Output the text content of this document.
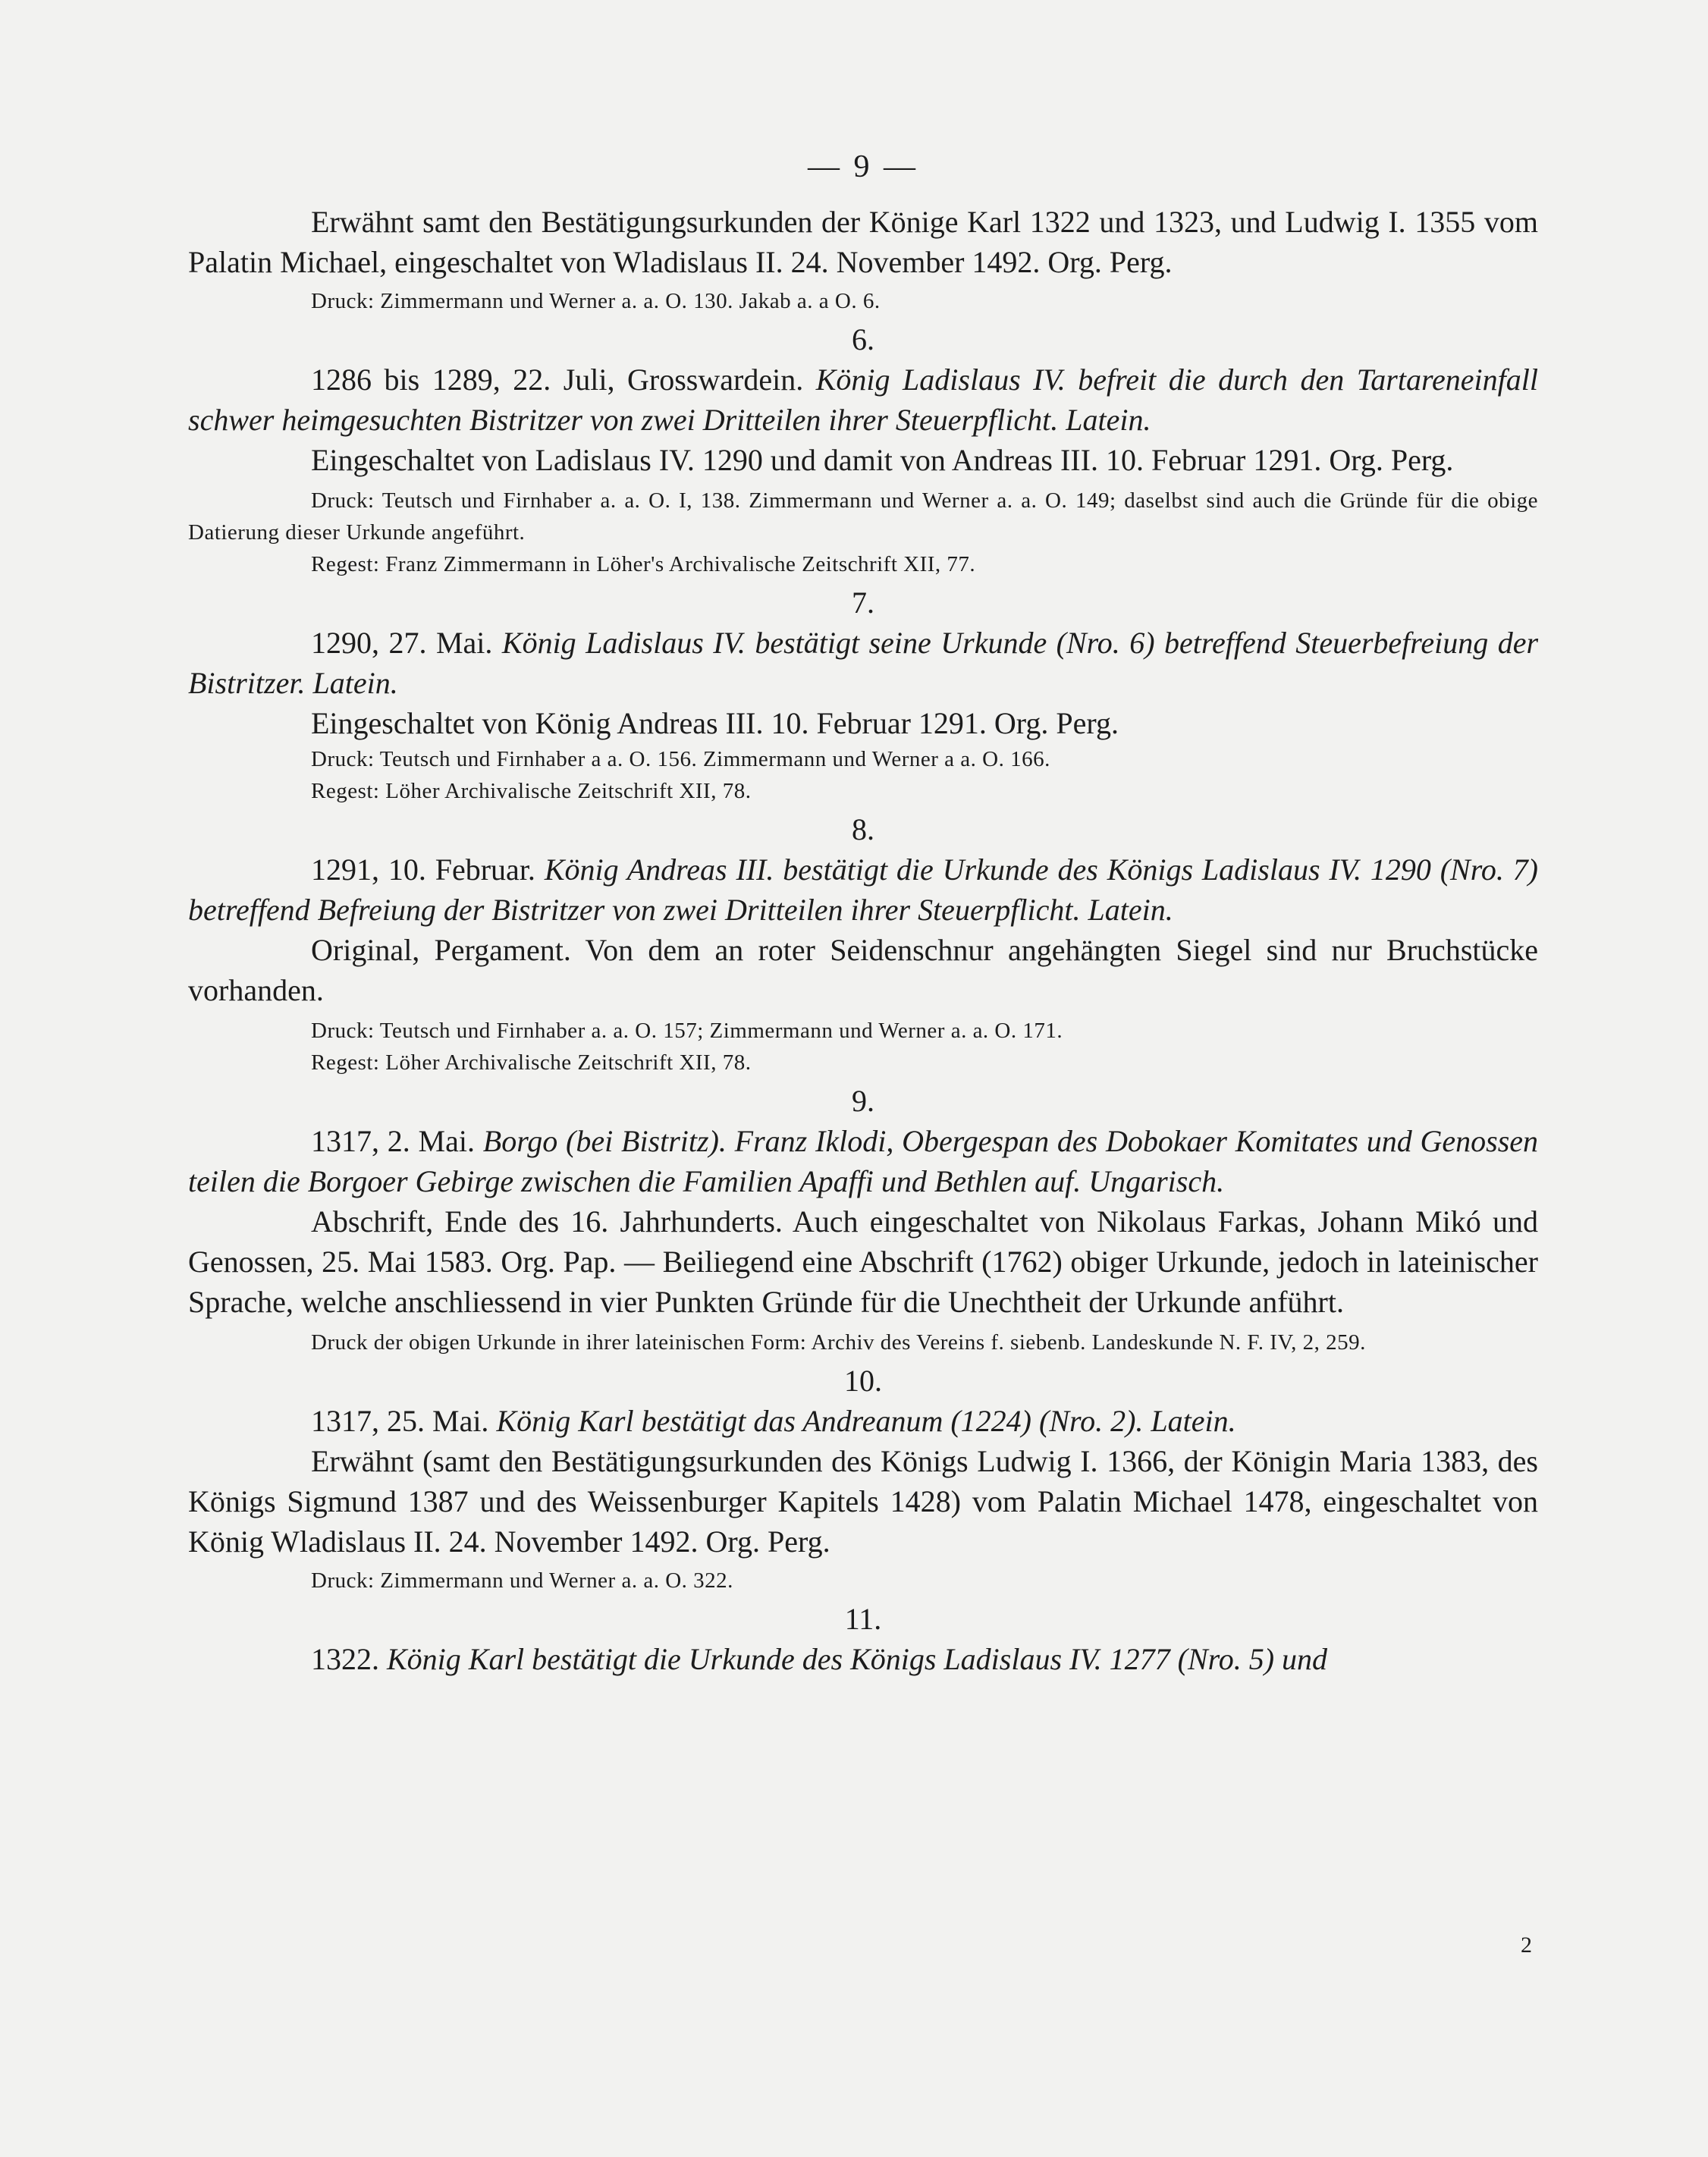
— 9 —

Erwähnt samt den Bestätigungsurkunden der Könige Karl 1322 und 1323, und Ludwig I. 1355 vom Palatin Michael, eingeschaltet von Wladislaus II. 24. November 1492. Org. Perg.

Druck: Zimmermann und Werner a. a. O. 130. Jakab a. a O. 6.

6.

1286 bis 1289, 22. Juli, Grosswardein. König Ladislaus IV. befreit die durch den Tartareneinfall schwer heimgesuchten Bistritzer von zwei Dritteilen ihrer Steuerpflicht. Latein.

Eingeschaltet von Ladislaus IV. 1290 und damit von Andreas III. 10. Februar 1291. Org. Perg.

Druck: Teutsch und Firnhaber a. a. O. I, 138. Zimmermann und Werner a. a. O. 149; daselbst sind auch die Gründe für die obige Datierung dieser Urkunde angeführt.

Regest: Franz Zimmermann in Löher's Archivalische Zeitschrift XII, 77.

7.

1290, 27. Mai. König Ladislaus IV. bestätigt seine Urkunde (Nro. 6) betreffend Steuerbefreiung der Bistritzer. Latein.

Eingeschaltet von König Andreas III. 10. Februar 1291. Org. Perg.

Druck: Teutsch und Firnhaber a a. O. 156. Zimmermann und Werner a a. O. 166.

Regest: Löher Archivalische Zeitschrift XII, 78.

8.

1291, 10. Februar. König Andreas III. bestätigt die Urkunde des Königs Ladislaus IV. 1290 (Nro. 7) betreffend Befreiung der Bistritzer von zwei Dritteilen ihrer Steuerpflicht. Latein.

Original, Pergament. Von dem an roter Seidenschnur angehängten Siegel sind nur Bruchstücke vorhanden.

Druck: Teutsch und Firnhaber a. a. O. 157; Zimmermann und Werner a. a. O. 171.

Regest: Löher Archivalische Zeitschrift XII, 78.

9.

1317, 2. Mai. Borgo (bei Bistritz). Franz Iklodi, Obergespan des Dobokaer Komitates und Genossen teilen die Borgoer Gebirge zwischen die Familien Apaffi und Bethlen auf. Ungarisch.

Abschrift, Ende des 16. Jahrhunderts. Auch eingeschaltet von Nikolaus Farkas, Johann Mikó und Genossen, 25. Mai 1583. Org. Pap. — Beiliegend eine Abschrift (1762) obiger Urkunde, jedoch in lateinischer Sprache, welche anschliessend in vier Punkten Gründe für die Unechtheit der Urkunde anführt.

Druck der obigen Urkunde in ihrer lateinischen Form: Archiv des Vereins f. siebenb. Landeskunde N. F. IV, 2, 259.

10.

1317, 25. Mai. König Karl bestätigt das Andreanum (1224) (Nro. 2). Latein.

Erwähnt (samt den Bestätigungsurkunden des Königs Ludwig I. 1366, der Königin Maria 1383, des Königs Sigmund 1387 und des Weissenburger Kapitels 1428) vom Palatin Michael 1478, eingeschaltet von König Wladislaus II. 24. November 1492. Org. Perg.

Druck: Zimmermann und Werner a. a. O. 322.

11.

1322. König Karl bestätigt die Urkunde des Königs Ladislaus IV. 1277 (Nro. 5) und

2
